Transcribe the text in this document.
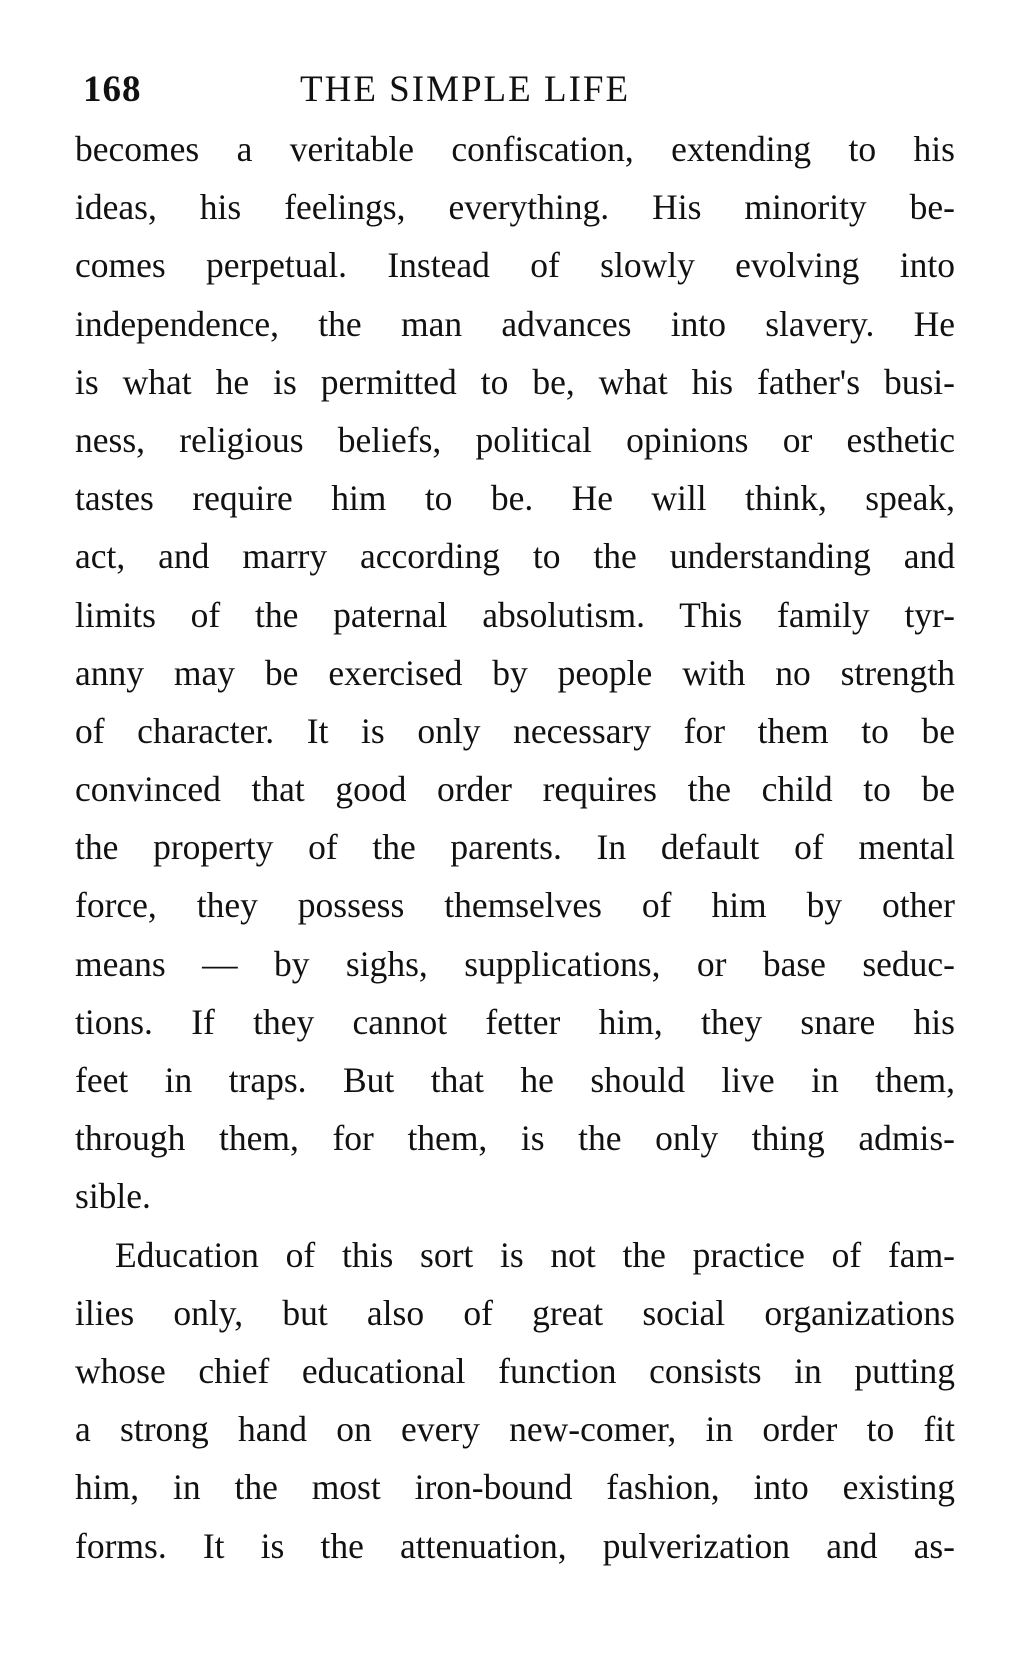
168	THE SIMPLE LIFE
becomes a veritable confiscation, extending to his
ideas, his feelings, everything. His minority be-
comes perpetual. Instead of slowly evolving into
independence, the man advances into slavery. He
is what he is permitted to be, what his father's busi-
ness, religious beliefs, political opinions or esthetic
tastes require him to be. He will think, speak,
act, and marry according to the understanding and
limits of the paternal absolutism. This family tyr-
anny may be exercised by people with no strength
of character. It is only necessary for them to be
convinced that good order requires the child to be
the property of the parents. In default of mental
force, they possess themselves of him by other
means — by sighs, supplications, or base seduc-
tions. If they cannot fetter him, they snare his
feet in traps. But that he should live in them,
through them, for them, is the only thing admis-
sible.
Education of this sort is not the practice of fam-
ilies only, but also of great social organizations
whose chief educational function consists in putting
a strong hand on every new-comer, in order to fit
him, in the most iron-bound fashion, into existing
forms. It is the attenuation, pulverization and as-
